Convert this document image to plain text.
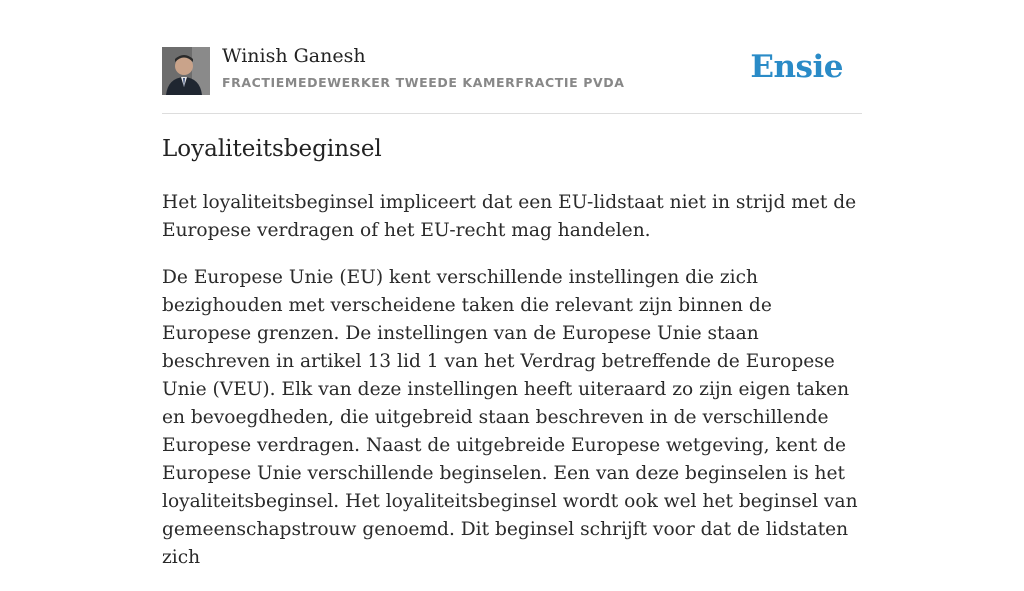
Winish Ganesh
FRACTIEMEDEWERKER TWEEDE KAMERFRACTIE PVDA	Ensie
Loyaliteitsbeginsel

Het loyaliteitsbeginsel impliceert dat een EU-lidstaat niet in strijd met de Europese verdragen of het EU-recht mag handelen.

De Europese Unie (EU) kent verschillende instellingen die zich bezighouden met verscheidene taken die relevant zijn binnen de Europese grenzen. De instellingen van de Europese Unie staan beschreven in artikel 13 lid 1 van het Verdrag betreffende de Europese Unie (VEU). Elk van deze instellingen heeft uiteraard zo zijn eigen taken en bevoegdheden, die uitgebreid staan beschreven in de verschillende Europese verdragen. Naast de uitgebreide Europese wetgeving, kent de Europese Unie verschillende beginselen. Een van deze beginselen is het loyaliteitsbeginsel. Het loyaliteitsbeginsel wordt ook wel het beginsel van gemeenschapstrouw genoemd. Dit beginsel schrijft voor dat de lidstaten zich
